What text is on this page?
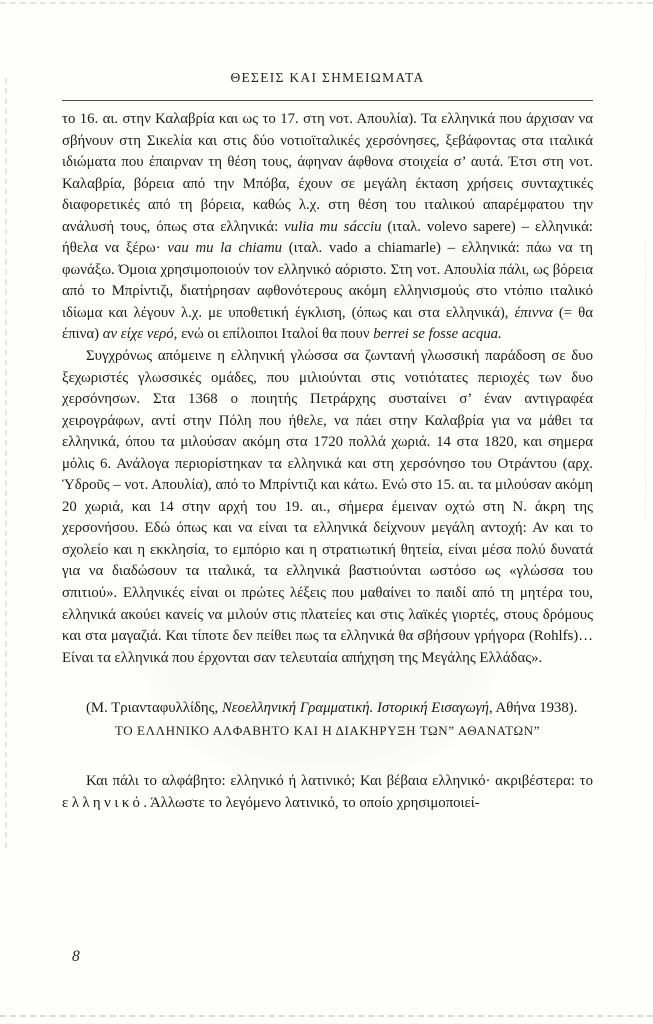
ΘΕΣΕΙΣ ΚΑΙ ΣΗΜΕΙΩΜΑΤΑ

το 16. αι. στην Καλαβρία και ως το 17. στη νοτ. Απουλία). Τα ελληνικά που άρχισαν να σβήνουν στη Σικελία και στις δύο νοτιοϊταλικές χερσόνησες, ξεβάφοντας στα ιταλικά ιδιώματα που έπαιρναν τη θέση τους, άφηναν άφθονα στοιχεία σ’ αυτά. Έτσι στη νοτ. Καλαβρία, βόρεια από την Μπόβα, έχουν σε μεγάλη έκταση χρήσεις συνταχτικές διαφορετικές από τη βόρεια, καθώς λ.χ. στη θέση του ιταλικού απαρέμφατου την ανάλυσή τους, όπως στα ελληνικά: vulia mu sácciu (ιταλ. volevo sapere) – ελληνικά: ήθελα να ξέρω· vau mu la chiamu (ιταλ. vado a chiamarle) – ελληνικά: πάω να τη φωνάξω. Όμοια χρησιμοποιούν τον ελληνικό αόριστο. Στη νοτ. Απουλία πάλι, ως βόρεια από το Μπρίντιζι, διατήρησαν αφθονότερους ακόμη ελληνισμούς στο ντόπιο ιταλικό ιδίωμα και λέγουν λ.χ. με υποθετική έγκλιση, (όπως και στα ελληνικά), έπιννα (= θα έπινα) αν είχε νερό, ενώ οι επίλοιποι Ιταλοί θα πουν berrei se fosse acqua.

Συγχρόνως απόμεινε η ελληνική γλώσσα σα ζωντανή γλωσσική παράδοση σε δυο ξεχωριστές γλωσσικές ομάδες, που μιλιούνται στις νοτιότατες περιοχές των δυο χερσόνησων. Στα 1368 ο ποιητής Πετράρχης συσταίνει σ’ έναν αντιγραφέα χειρογράφων, αντί στην Πόλη που ήθελε, να πάει στην Καλαβρία για να μάθει τα ελληνικά, όπου τα μιλούσαν ακόμη στα 1720 πολλά χωριά. 14 στα 1820, και σημερα μόλις 6. Ανάλογα περιορίστηκαν τα ελληνικά και στη χερσόνησο του Οτράντου (αρχ. Ὑδροῦς – νοτ. Απουλία), από το Μπρίντιζι και κάτω. Ενώ στο 15. αι. τα μιλούσαν ακόμη 20 χωριά, και 14 στην αρχή του 19. αι., σήμερα έμειναν οχτώ στη Ν. άκρη της χερσονήσου. Εδώ όπως και να είναι τα ελληνικά δείχνουν μεγάλη αντοχή: Αν και το σχολείο και η εκκλησία, το εμπόριο και η στρατιωτική θητεία, είναι μέσα πολύ δυνατά για να διαδώσουν τα ιταλικά, τα ελληνικά βαστιούνται ωστόσο ως «γλώσσα του σπιτιού». Ελληνικές είναι οι πρώτες λέξεις που μαθαίνει το παιδί από τη μητέρα του, ελληνικά ακούει κανείς να μιλούν στις πλατείες και στις λαϊκές γιορτές, στους δρόμους και στα μαγαζιά. Και τίποτε δεν πείθει πως τα ελληνικά θα σβήσουν γρήγορα (Rohlfs)… Είναι τα ελληνικά που έρχονται σαν τελευταία απήχηση της Μεγάλης Ελλάδας».

(Μ. Τριανταφυλλίδης, Νεοελληνική Γραμματική. Ιστορική Εισαγωγή, Αθήνα 1938).

ΤΟ ΕΛΛΗΝΙΚΟ ΑΛΦΑΒΗΤΟ ΚΑΙ Η ΔΙΑΚΗΡΥΞΗ ΤΩΝ” ΑΘΑΝΑΤΩΝ”

Και πάλι το αλφάβητο: ελληνικό ή λατινικό; Και βέβαια ελληνικό· ακριβέστερα: το ελληνικό. Άλλωστε το λεγόμενο λατινικό, το οποίο χρησιμοποιεί-

8
